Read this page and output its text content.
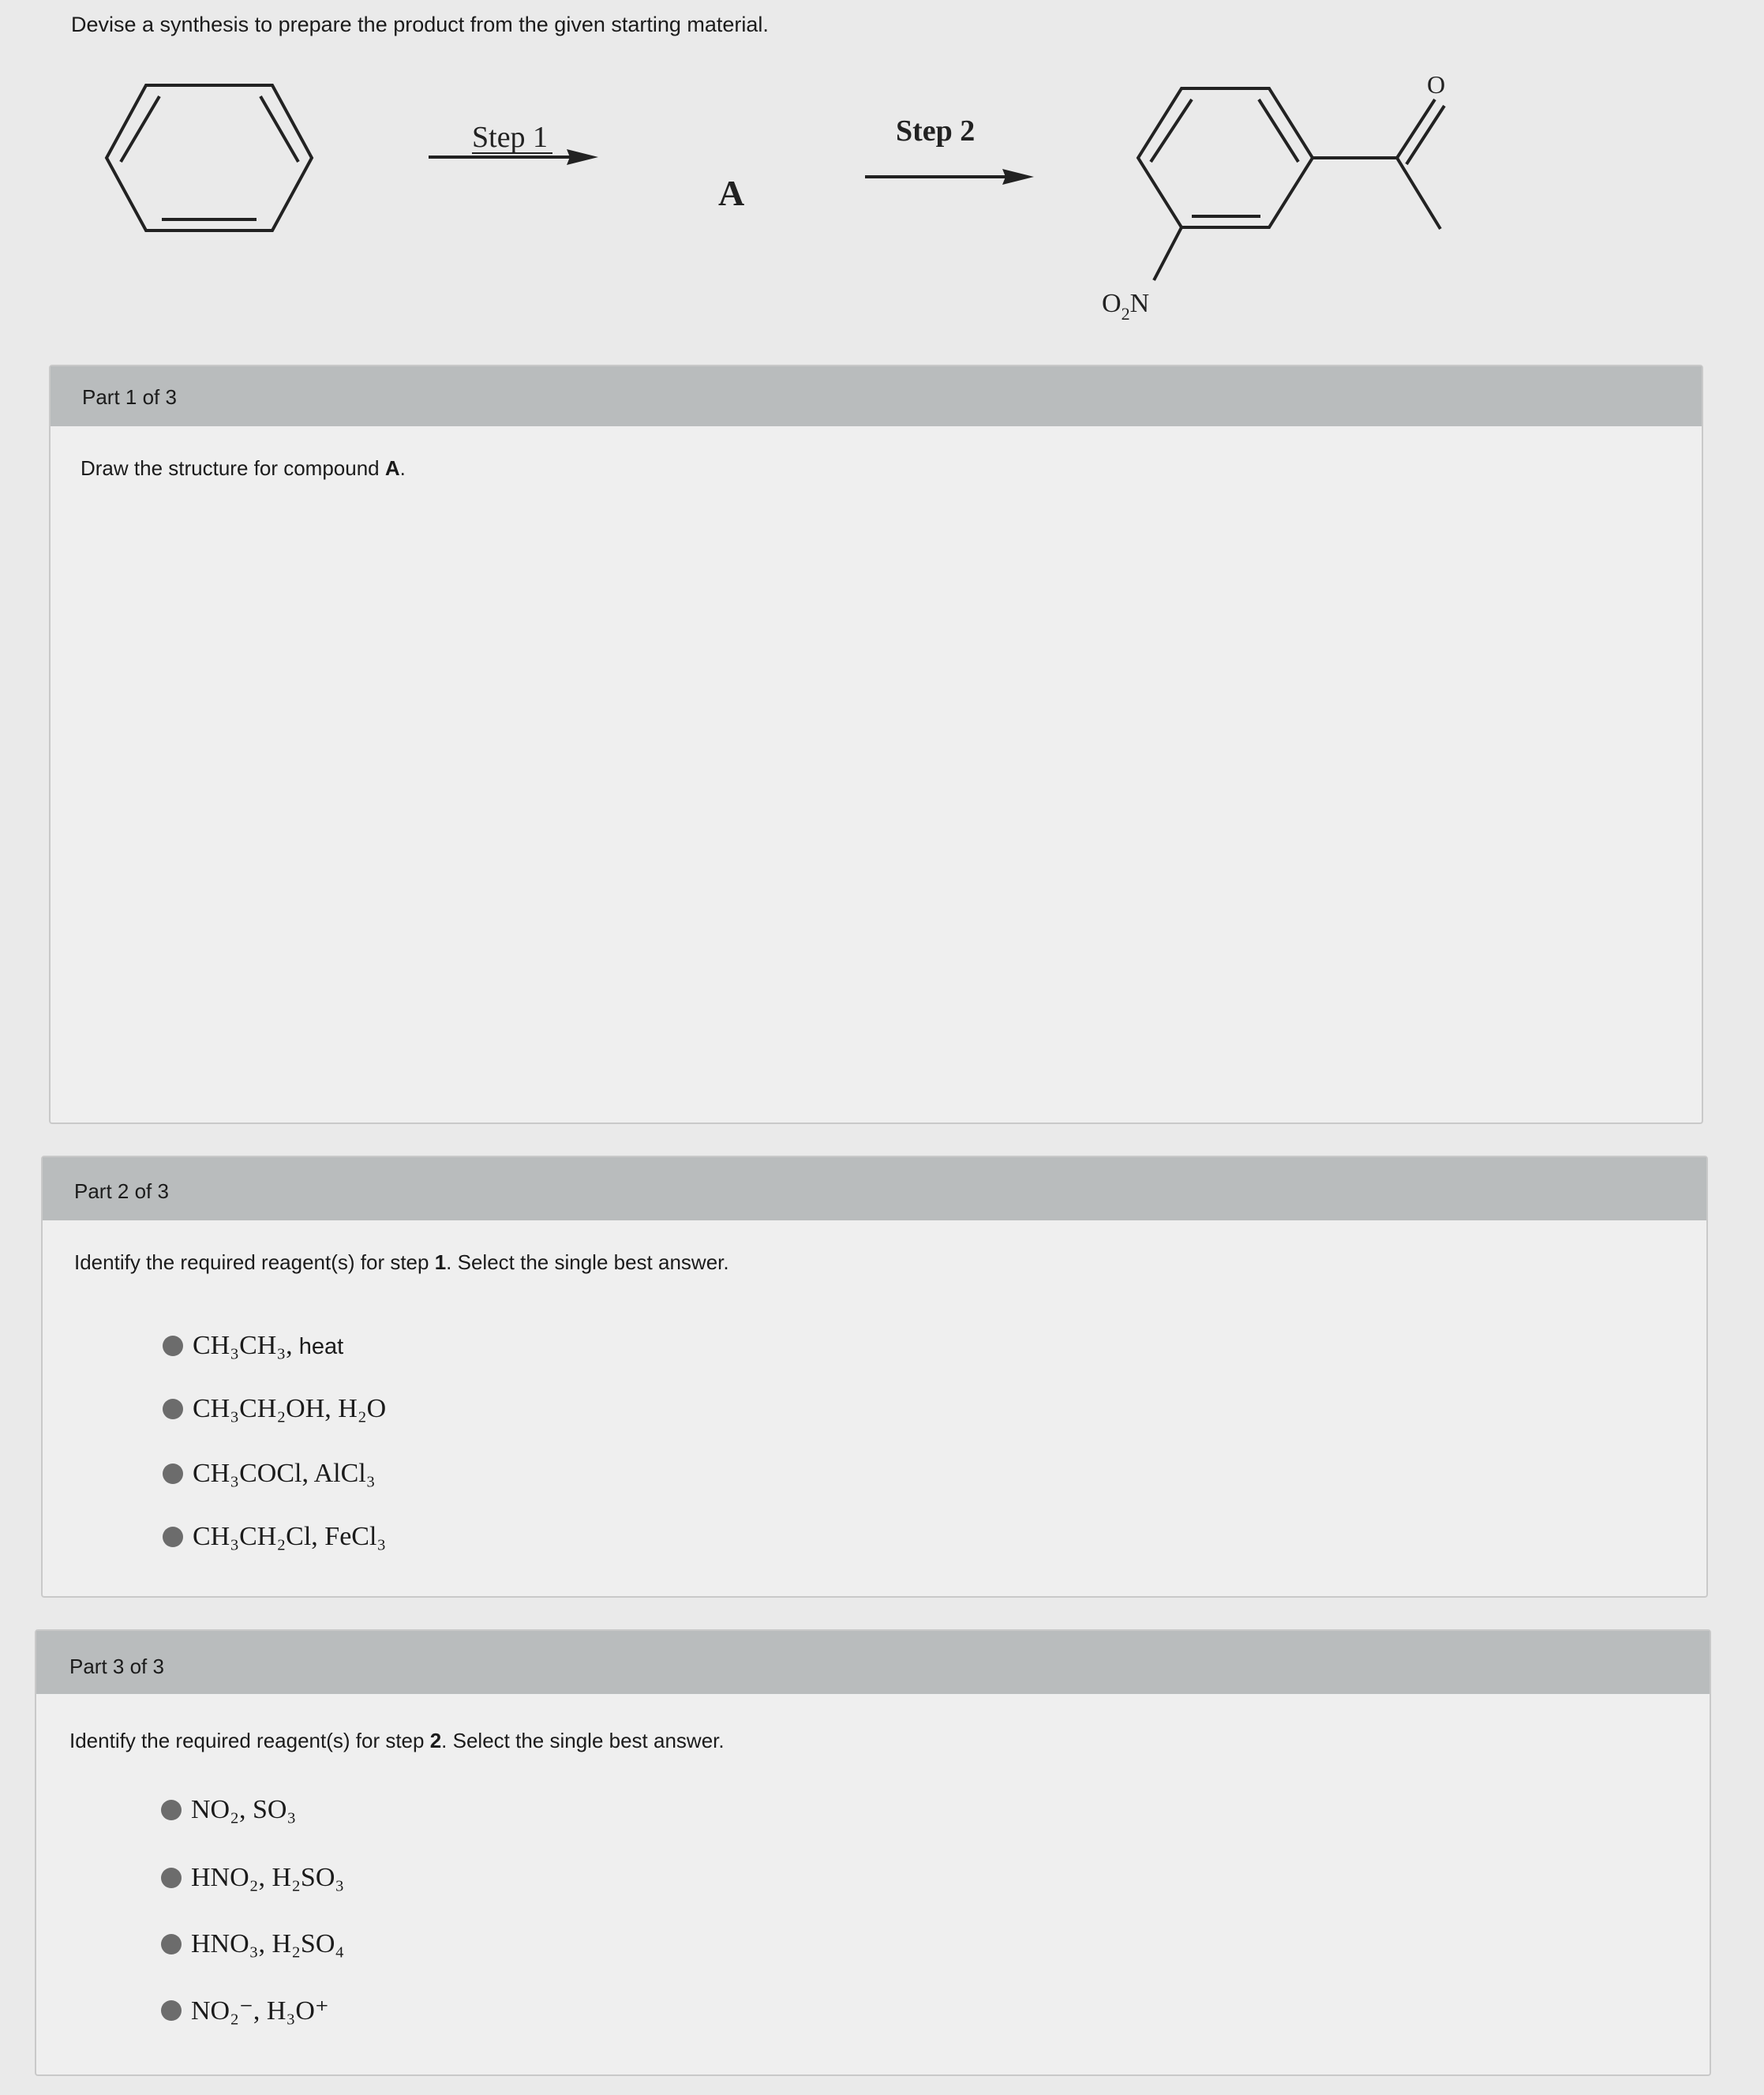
Devise a synthesis to prepare the product from the given starting material.
Step 1
A
Step 2
O
$O_2N$
Part 1 of 3
Draw the structure for compound A.
Part 2 of 3
Identify the required reagent(s) for step 1. Select the single best answer.
CH₃CH₃, heat
CH₃CH₂OH, H₂O
CH₃COCl, AlCl₃
CH₃CH₂Cl, FeCl₃
Part 3 of 3
Identify the required reagent(s) for step 2. Select the single best answer.
NO₂, SO₃
HNO₂, H₂SO₃
HNO₃, H₂SO₄
NO₂⁻, H₃O⁺
